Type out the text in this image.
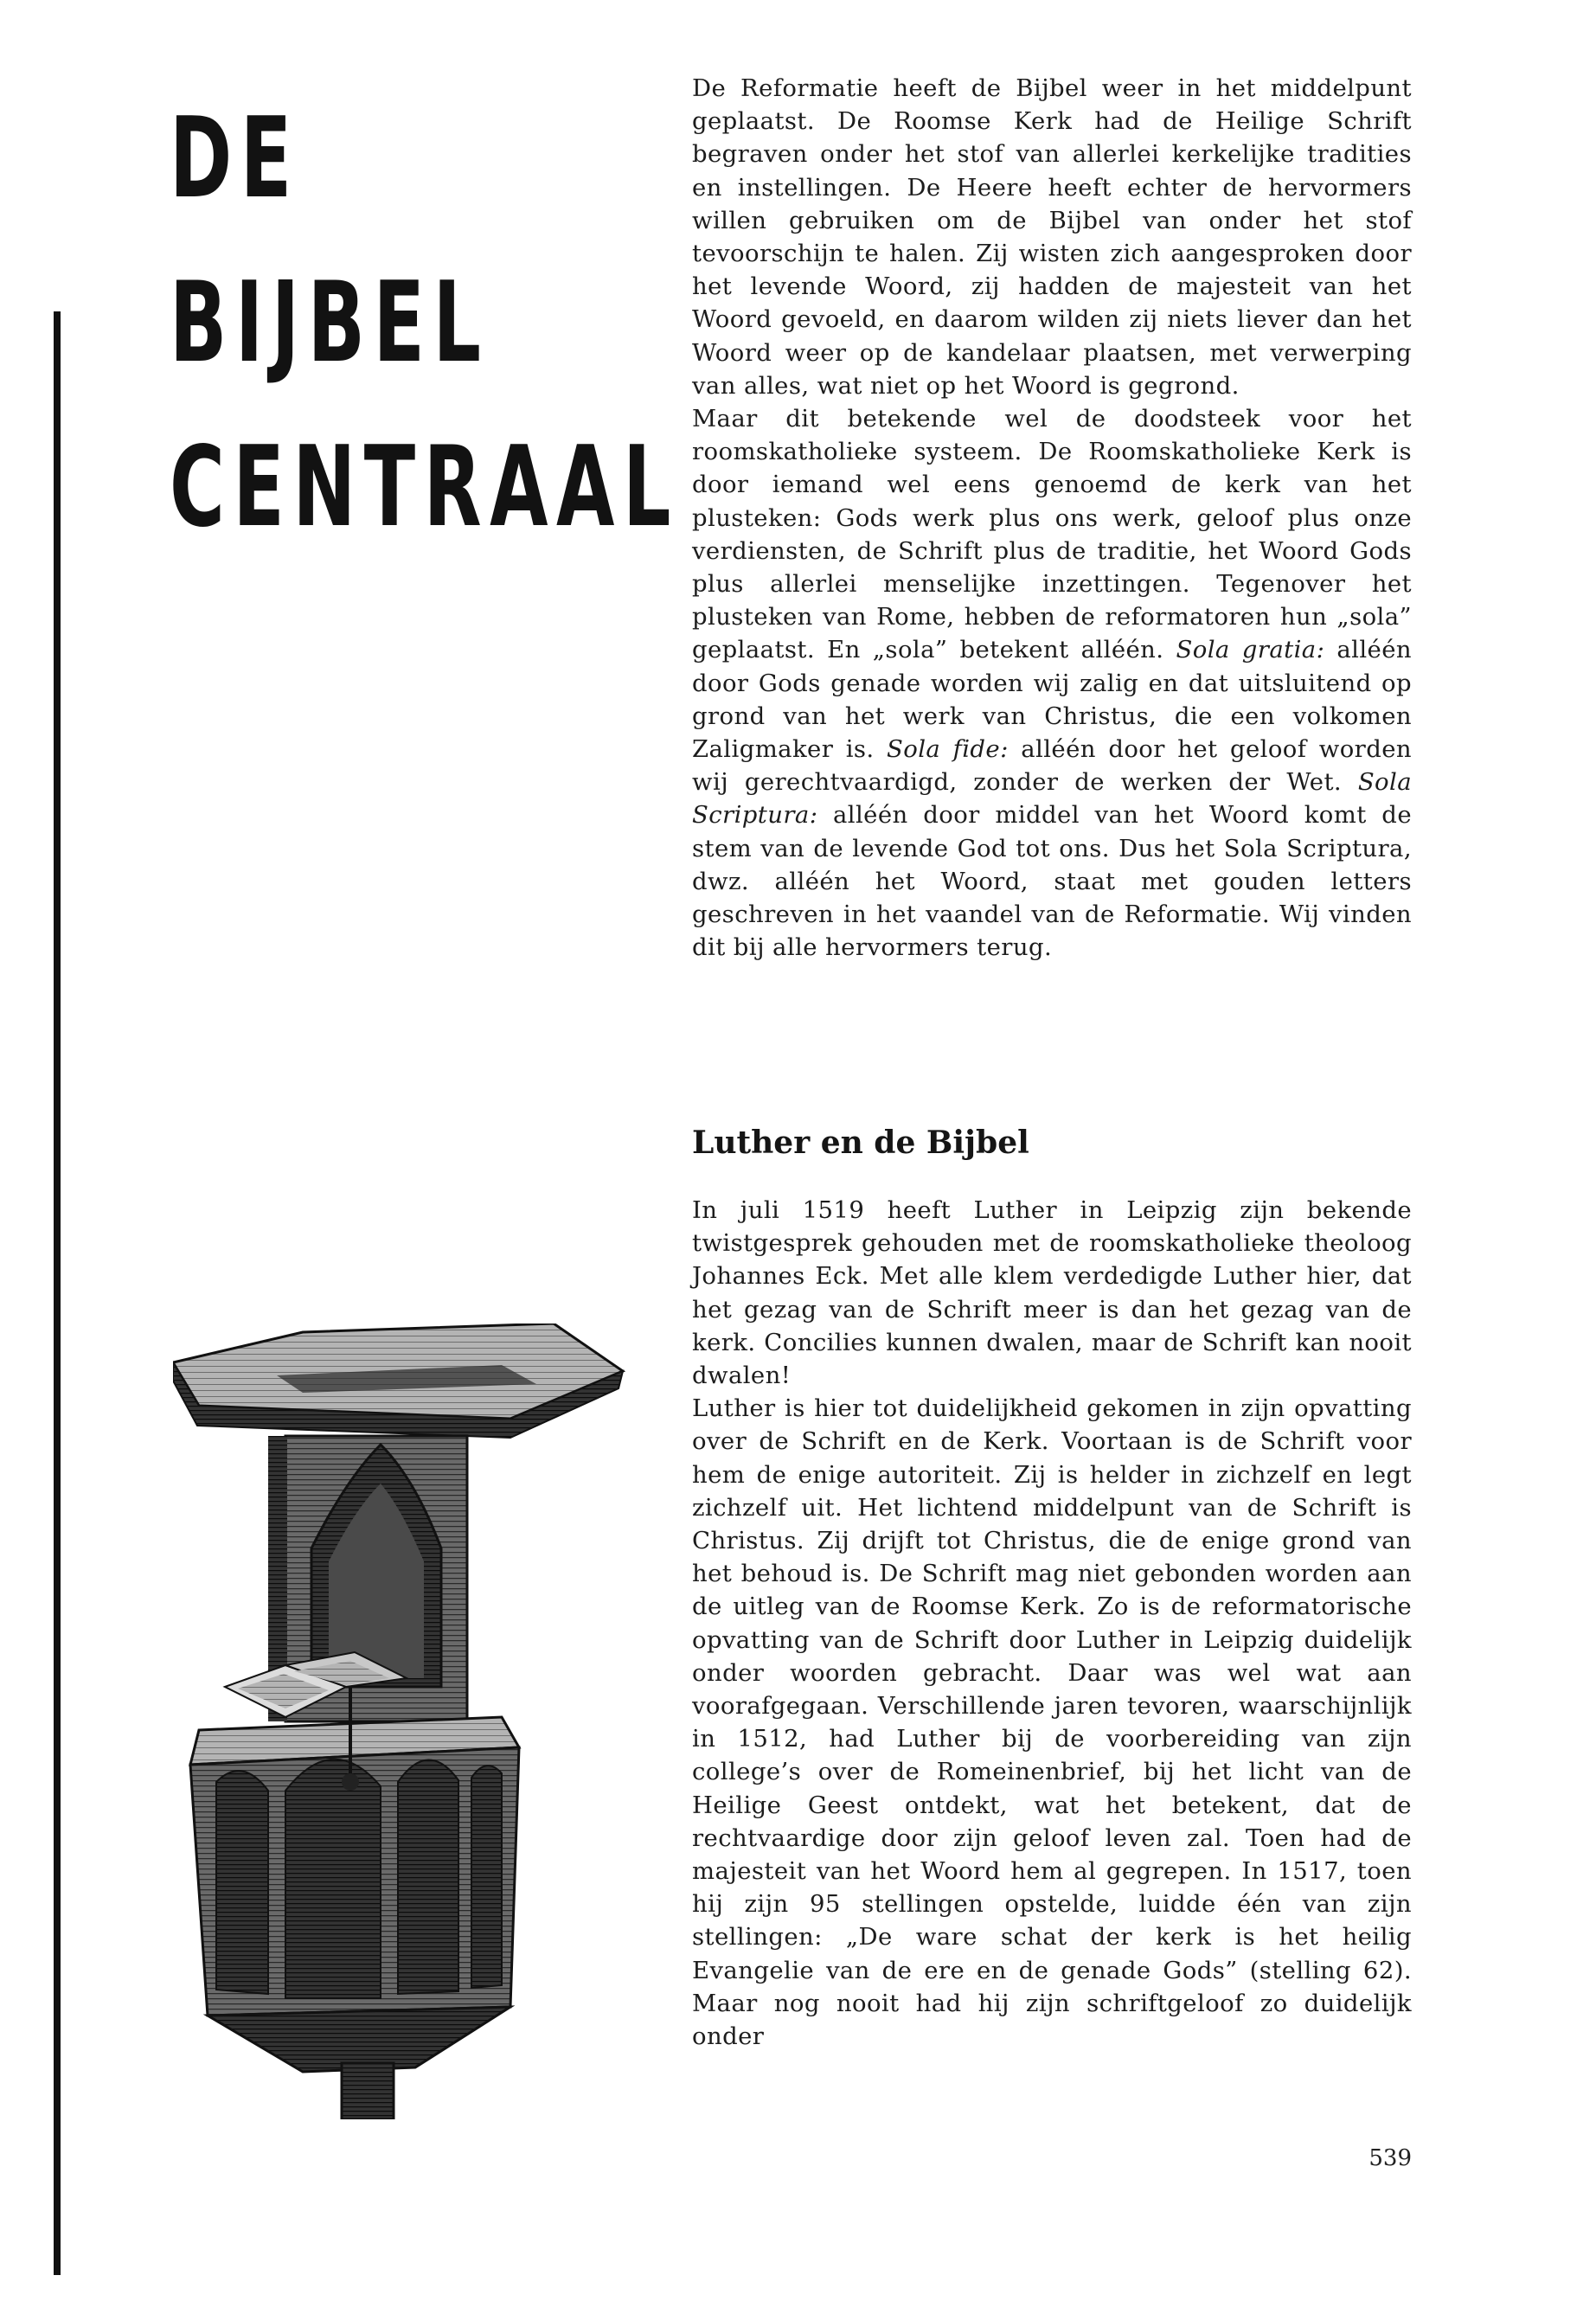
DE
BIJBEL
CENTRAAL

De Reformatie heeft de Bijbel weer in het middelpunt geplaatst. De Roomse Kerk had de Heilige Schrift begraven onder het stof van allerlei kerkelijke tradities en instellingen. De Heere heeft echter de hervormers willen gebruiken om de Bijbel van onder het stof tevoorschijn te halen. Zij wisten zich aangesproken door het levende Woord, zij hadden de majesteit van het Woord gevoeld, en daarom wilden zij niets liever dan het Woord weer op de kandelaar plaatsen, met verwerping van alles, wat niet op het Woord is gegrond.

Maar dit betekende wel de doodsteek voor het roomskatholieke systeem. De Roomskatholieke Kerk is door iemand wel eens genoemd de kerk van het plusteken: Gods werk plus ons werk, geloof plus onze verdiensten, de Schrift plus de traditie, het Woord Gods plus allerlei menselijke inzettingen. Tegenover het plusteken van Rome, hebben de reformatoren hun „sola” geplaatst. En „sola” betekent alléén. Sola gratia: alléén door Gods genade worden wij zalig en dat uitsluitend op grond van het werk van Christus, die een volkomen Zaligmaker is. Sola fide: alléén door het geloof worden wij gerechtvaardigd, zonder de werken der Wet. Sola Scriptura: alléén door middel van het Woord komt de stem van de levende God tot ons. Dus het Sola Scriptura, dwz. alléén het Woord, staat met gouden letters geschreven in het vaandel van de Reformatie. Wij vinden dit bij alle hervormers terug.

Luther en de Bijbel

In juli 1519 heeft Luther in Leipzig zijn bekende twistgesprek gehouden met de roomskatholieke theoloog Johannes Eck. Met alle klem verdedigde Luther hier, dat het gezag van de Schrift meer is dan het gezag van de kerk. Concilies kunnen dwalen, maar de Schrift kan nooit dwalen!

Luther is hier tot duidelijkheid gekomen in zijn opvatting over de Schrift en de Kerk. Voortaan is de Schrift voor hem de enige autoriteit. Zij is helder in zichzelf en legt zichzelf uit. Het lichtend middelpunt van de Schrift is Christus. Zij drijft tot Christus, die de enige grond van het behoud is. De Schrift mag niet gebonden worden aan de uitleg van de Roomse Kerk. Zo is de reformatorische opvatting van de Schrift door Luther in Leipzig duidelijk onder woorden gebracht. Daar was wel wat aan voorafgegaan. Verschillende jaren tevoren, waarschijnlijk in 1512, had Luther bij de voorbereiding van zijn college’s over de Romeinenbrief, bij het licht van de Heilige Geest ontdekt, wat het betekent, dat de rechtvaardige door zijn geloof leven zal. Toen had de majesteit van het Woord hem al gegrepen. In 1517, toen hij zijn 95 stellingen opstelde, luidde één van zijn stellingen: „De ware schat der kerk is het heilig Evangelie van de ere en de genade Gods” (stelling 62). Maar nog nooit had hij zijn schriftgeloof zo duidelijk onder

539
